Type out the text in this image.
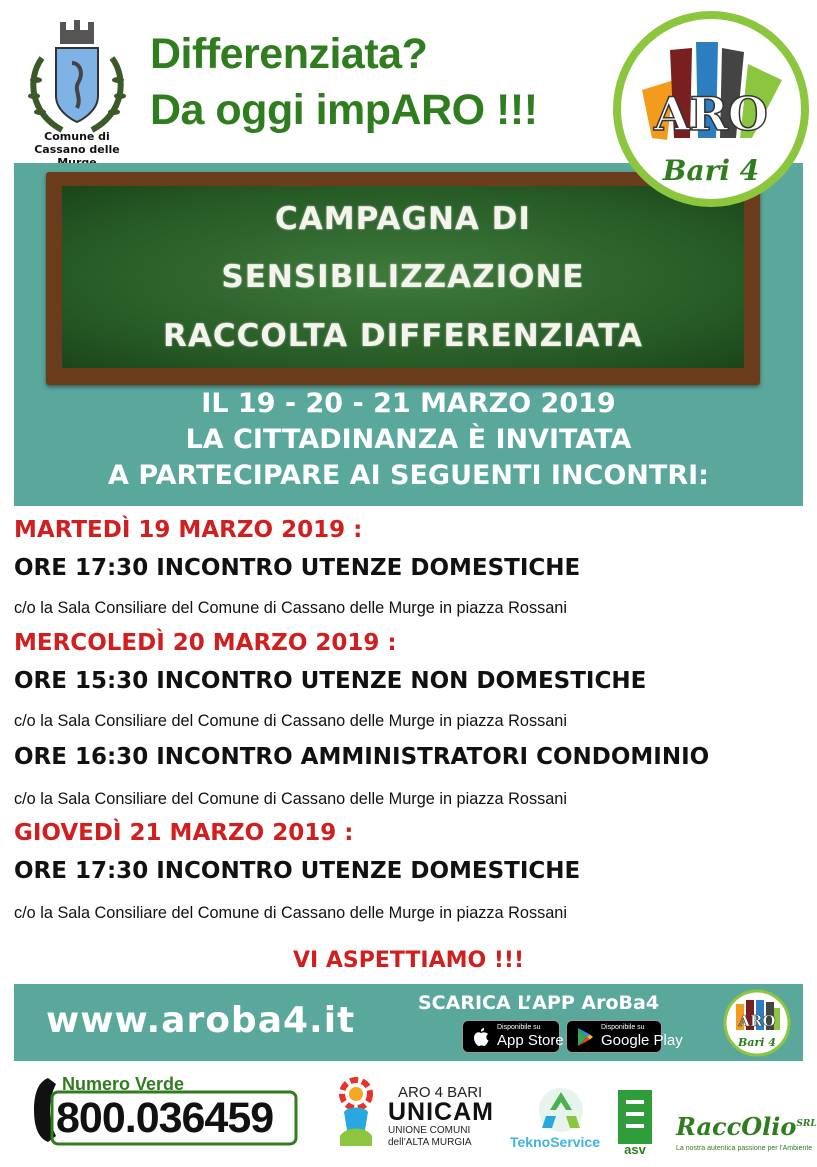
Comune di
Cassano delle
Differenziata?
Da oggi impARO !!!
CAMPAGNA DI
SENSIBILIZZAZIONE
RACCOLTA DIFFERENZIATA
IL 19 - 20 - 21 MARZO 2019
LA CITTADINANZA È INVITATA
A PARTECIPARE AI SEGUENTI INCONTRI:
ARO
Bari 4
MARTEDÌ 19 MARZO 2019 :
ORE 17:30 INCONTRO UTENZE DOMESTICHE
c/o la Sala Consiliare del Comune di Cassano delle Murge in piazza Rossani
MERCOLEDÌ 20 MARZO 2019 :
ORE 15:30 INCONTRO UTENZE NON DOMESTICHE
c/o la Sala Consiliare del Comune di Cassano delle Murge in piazza Rossani
ORE 16:30 INCONTRO AMMINISTRATORI CONDOMINIO
c/o la Sala Consiliare del Comune di Cassano delle Murge in piazza Rossani
GIOVEDÌ 21 MARZO 2019 :
ORE 17:30 INCONTRO UTENZE DOMESTICHE
c/o la Sala Consiliare del Comune di Cassano delle Murge in piazza Rossani
VI ASPETTIAMO !!!
www.aroba4.it	SCARICA L’APP AroBa4
Disponibile su
App Store
Disponibile su
Google Play
ARO
Bari 4
Numero Verde
800.036459
ARO 4 BARI
UNICAM
UNIONE COMUNI
dell’ALTA MURGIA	TeknoService asv
RaccOlio$^{SRL}$
La nostra autentica passione per l’Ambiente
